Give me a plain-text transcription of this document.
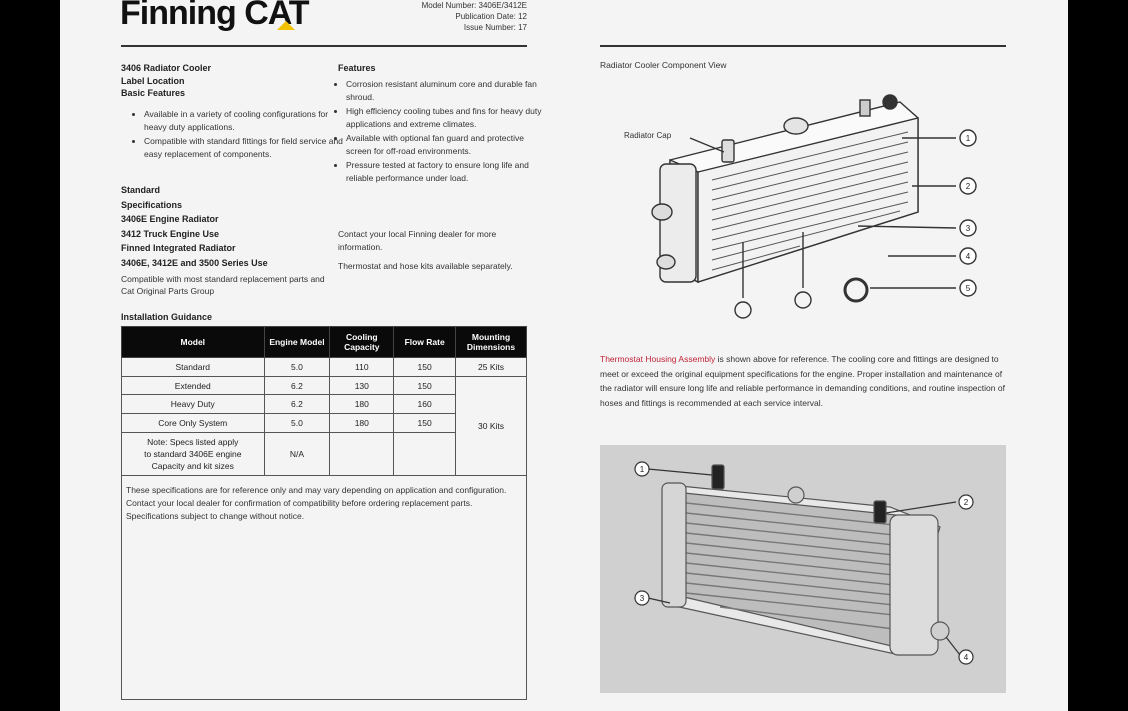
Finning CAT	Model Number: 3406E/3412E
Publication Date: 12
Issue Number: 17
3406 Radiator Cooler
Label Location
Basic Features
• Available in a variety of cooling configurations for heavy duty applications.
• Compatible with standard fittings for field service and easy replacement of components.
Standard
Specifications
3406E Engine Radiator
3412 Truck Engine Use
Finned Integrated Radiator
3406E, 3412E and 3500 Series Use
Compatible with most standard replacement parts and Cat Original Parts Group
Features
• Corrosion resistant aluminum core and durable fan shroud.
• High efficiency cooling tubes and fins for heavy duty applications and extreme climates.
• Available with optional fan guard and protective screen for off-road environments.
• Pressure tested at factory to ensure long life and reliable performance under load.
Contact your local Finning dealer for more information.
Thermostat and hose kits available separately.
Installation Guidance
Model	Engine Model	Cooling Capacity	Flow Rate	Mounting Dimensions
Standard	5.0	110	150	25 Kits
Extended	6.2	130	150	30 Kits
Heavy Duty	6.2	180	160	
Core Only System	5.0	180	150	

Note: Specs listed apply
to standard 3406E engine
Capacity and kit sizes	N/A			

These specifications are for reference only and may vary depending on application and configuration.

Contact your local dealer for confirmation of compatibility before ordering replacement parts.

Specifications subject to change without notice.

Radiator Cooler Component View
Radiator Cap	1
2
3
4
5

Thermostat Housing Assembly is shown above for reference. The cooling core and fittings are designed to meet or exceed the original equipment specifications for the engine. Proper installation and maintenance of the radiator will ensure long life and reliable performance in demanding conditions, and routine inspection of hoses and fittings is recommended at each service interval.

1
2
3
4
